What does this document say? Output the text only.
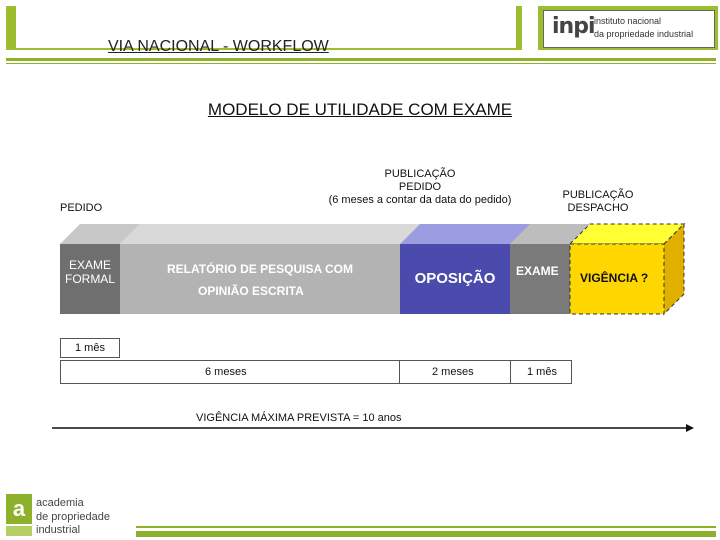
VIA NACIONAL - WORKFLOW
inpi instituto nacional
da propriedade industrial
MODELO DE UTILIDADE COM EXAME
PEDIDO
PUBLICAÇÃO
PEDIDO
(6 meses a contar da data do pedido)	PUBLICAÇÃO
DESPACHO
EXAME
FORMAL
RELATÓRIO DE PESQUISA COM
OPINIÃO ESCRITA
OPOSIÇÃO	EXAME	VIGÊNCIA ?
1 mês
6 meses	2 meses	1 mês
VIGÊNCIA MÁXIMA PREVISTA = 10 anos
a academia
de propriedade
industrial
